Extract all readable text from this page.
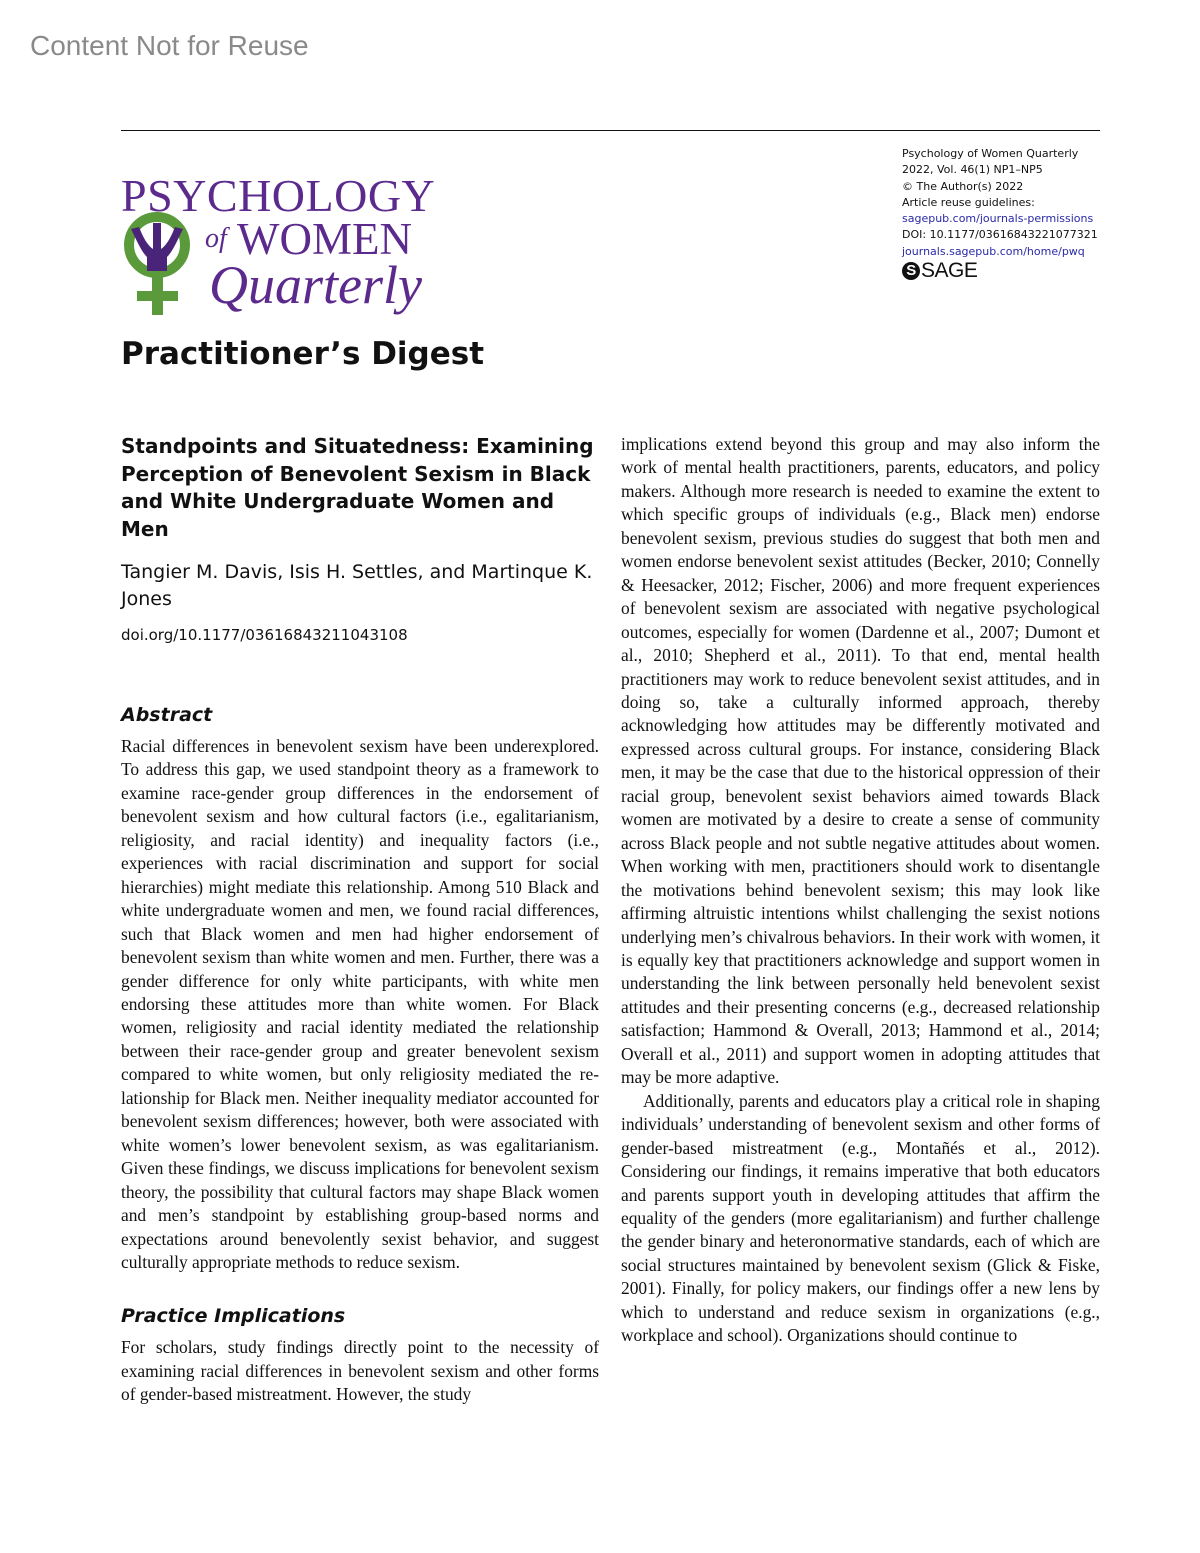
Content Not for Reuse
PSYCHOLOGY
of WOMEN
Quarterly
Psychology of Women Quarterly
2022, Vol. 46(1) NP1–NP5
© The Author(s) 2022
Article reuse guidelines:
sagepub.com/journals-permissions
DOI: 10.1177/03616843221077321
journals.sagepub.com/home/pwq
S SAGE
Practitioner’s Digest
Standpoints and Situatedness: Examining Perception of Benevolent Sexism in Black and White Undergraduate Women and Men
Tangier M. Davis, Isis H. Settles, and Martinque K. Jones
doi.org/10.1177/03616843211043108
Abstract

Racial differences in benevolent sexism have been underexplored. To address this gap, we used standpoint theory as a framework to examine race-gender group differences in the endorsement of benevolent sexism and how cultural factors (i.e., egalitarianism, religiosity, and racial identity) and inequality factors (i.e., experiences with racial discrimination and support for social hierarchies) might mediate this relationship. Among 510 Black and white undergraduate women and men, we found racial differences, such that Black women and men had higher endorsement of benevolent sexism than white women and men. Further, there was a gender difference for only white participants, with white men endorsing these attitudes more than white women. For Black women, religiosity and racial identity mediated the relationship between their race-gender group and greater benevolent sexism compared to white women, but only religiosity mediated the relationship for Black men. Neither inequality mediator accounted for benevolent sexism differences; however, both were associated with white women’s lower benevolent sexism, as was egalitarianism. Given these findings, we discuss implications for benevolent sexism theory, the possibility that cultural factors may shape Black women and men’s standpoint by establishing group-based norms and expectations around benevolently sexist behavior, and suggest culturally appropriate methods to reduce sexism.

Practice Implications

For scholars, study findings directly point to the necessity of examining racial differences in benevolent sexism and other forms of gender-based mistreatment. However, the study

implications extend beyond this group and may also inform the work of mental health practitioners, parents, educators, and policy makers. Although more research is needed to examine the extent to which specific groups of individuals (e.g., Black men) endorse benevolent sexism, previous studies do suggest that both men and women endorse benevolent sexist attitudes (Becker, 2010; Connelly & Heesacker, 2012; Fischer, 2006) and more frequent experiences of benevolent sexism are associated with negative psychological outcomes, especially for women (Dardenne et al., 2007; Dumont et al., 2010; Shepherd et al., 2011). To that end, mental health practitioners may work to reduce benevolent sexist attitudes, and in doing so, take a culturally informed approach, thereby acknowledging how attitudes may be differently motivated and expressed across cultural groups. For instance, considering Black men, it may be the case that due to the historical oppression of their racial group, benevolent sexist behaviors aimed towards Black women are motivated by a desire to create a sense of community across Black people and not subtle negative attitudes about women. When working with men, practitioners should work to disentangle the motivations behind benevolent sexism; this may look like affirming altruistic intentions whilst challenging the sexist notions underlying men’s chivalrous behaviors. In their work with women, it is equally key that practitioners acknowledge and support women in understanding the link between personally held benevolent sexist attitudes and their presenting concerns (e.g., decreased relationship satisfaction; Hammond & Overall, 2013; Hammond et al., 2014; Overall et al., 2011) and support women in adopting attitudes that may be more adaptive.

Additionally, parents and educators play a critical role in shaping individuals’ understanding of benevolent sexism and other forms of gender-based mistreatment (e.g., Montañés et al., 2012). Considering our findings, it remains imperative that both educators and parents support youth in developing attitudes that affirm the equality of the genders (more egalitarianism) and further challenge the gender binary and heteronormative standards, each of which are social structures maintained by benevolent sexism (Glick & Fiske, 2001). Finally, for policy makers, our findings offer a new lens by which to understand and reduce sexism in organizations (e.g., workplace and school). Organizations should continue to
